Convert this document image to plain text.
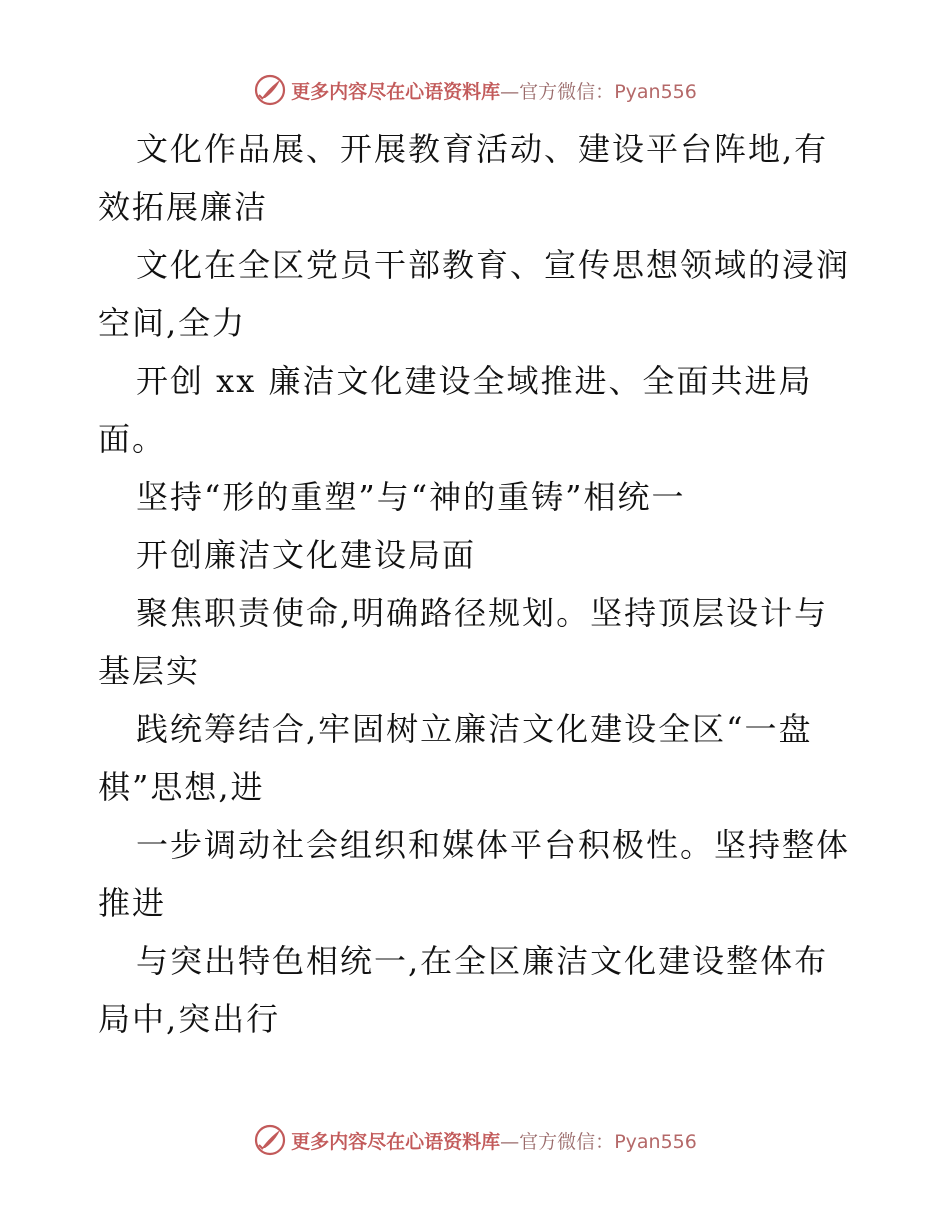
更多内容尽在心语资料库—官方微信：Pyan556
文化作品展、开展教育活动、建设平台阵地,有
效拓展廉洁
文化在全区党员干部教育、宣传思想领域的浸润
空间,全力
开创 xx 廉洁文化建设全域推进、全面共进局
面。
坚持“形的重塑”与“神的重铸”相统一
开创廉洁文化建设局面
聚焦职责使命,明确路径规划。坚持顶层设计与
基层实
践统筹结合,牢固树立廉洁文化建设全区“一盘
棋”思想,进
一步调动社会组织和媒体平台积极性。坚持整体
推进
与突出特色相统一,在全区廉洁文化建设整体布
局中,突出行
更多内容尽在心语资料库—官方微信：Pyan556
